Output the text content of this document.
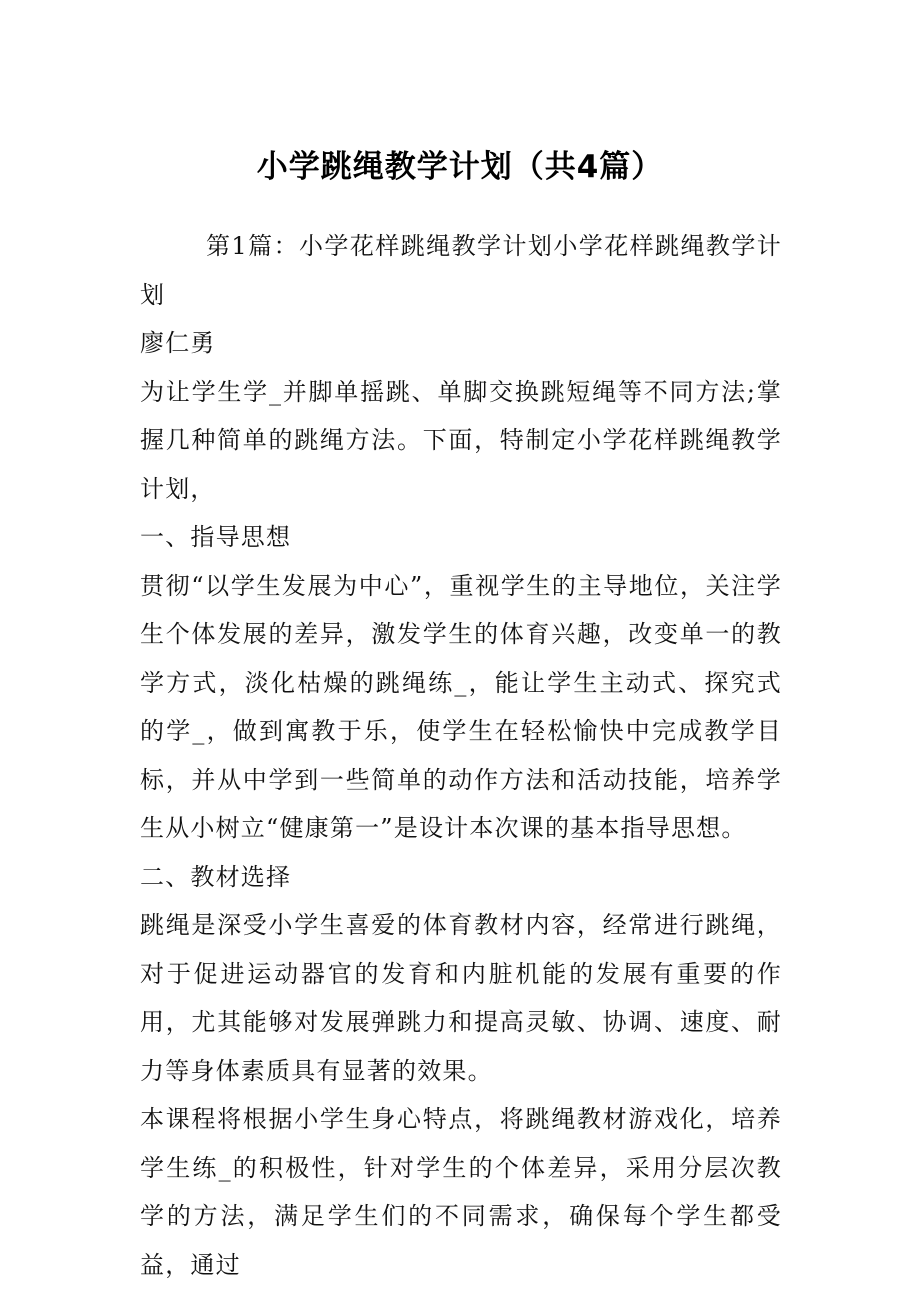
小学跳绳教学计划（共4篇）

第1篇：小学花样跳绳教学计划小学花样跳绳教学计划

廖仁勇

为让学生学_并脚单摇跳、单脚交换跳短绳等不同方法;掌握几种简单的跳绳方法。下面，特制定小学花样跳绳教学计划，

一、指导思想

贯彻“以学生发展为中心”，重视学生的主导地位，关注学生个体发展的差异，激发学生的体育兴趣，改变单一的教学方式，淡化枯燥的跳绳练_，能让学生主动式、探究式的学_，做到寓教于乐，使学生在轻松愉快中完成教学目标，并从中学到一些简单的动作方法和活动技能，培养学生从小树立“健康第一”是设计本次课的基本指导思想。

二、教材选择

跳绳是深受小学生喜爱的体育教材内容，经常进行跳绳，对于促进运动器官的发育和内脏机能的发展有重要的作用，尤其能够对发展弹跳力和提高灵敏、协调、速度、耐力等身体素质具有显著的效果。

本课程将根据小学生身心特点，将跳绳教材游戏化，培养学生练_的积极性，针对学生的个体差异，采用分层次教学的方法，满足学生们的不同需求，确保每个学生都受益，通过
